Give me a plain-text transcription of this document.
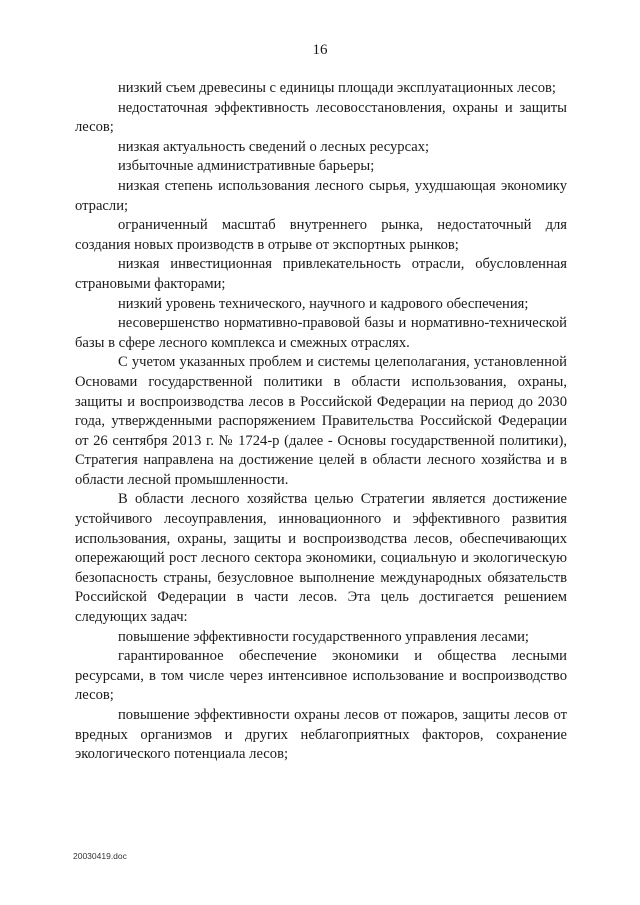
16

низкий съем древесины с единицы площади эксплуатационных лесов;

недостаточная эффективность лесовосстановления, охраны и защиты лесов;

низкая актуальность сведений о лесных ресурсах;

избыточные административные барьеры;

низкая степень использования лесного сырья, ухудшающая экономику отрасли;

ограниченный масштаб внутреннего рынка, недостаточный для создания новых производств в отрыве от экспортных рынков;

низкая инвестиционная привлекательность отрасли, обусловленная страновыми факторами;

низкий уровень технического, научного и кадрового обеспечения;

несовершенство нормативно-правовой базы и нормативно-технической базы в сфере лесного комплекса и смежных отраслях.

С учетом указанных проблем и системы целеполагания, установленной Основами государственной политики в области использования, охраны, защиты и воспроизводства лесов в Российской Федерации на период до 2030 года, утвержденными распоряжением Правительства Российской Федерации от 26 сентября 2013 г. № 1724-р (далее - Основы государственной политики), Стратегия направлена на достижение целей в области лесного хозяйства и в области лесной промышленности.

В области лесного хозяйства целью Стратегии является достижение устойчивого лесоуправления, инновационного и эффективного развития использования, охраны, защиты и воспроизводства лесов, обеспечивающих опережающий рост лесного сектора экономики, социальную и экологическую безопасность страны, безусловное выполнение международных обязательств Российской Федерации в части лесов. Эта цель достигается решением следующих задач:

повышение эффективности государственного управления лесами;

гарантированное обеспечение экономики и общества лесными ресурсами, в том числе через интенсивное использование и воспроизводство лесов;

повышение эффективности охраны лесов от пожаров, защиты лесов от вредных организмов и других неблагоприятных факторов, сохранение экологического потенциала лесов;

20030419.doc
